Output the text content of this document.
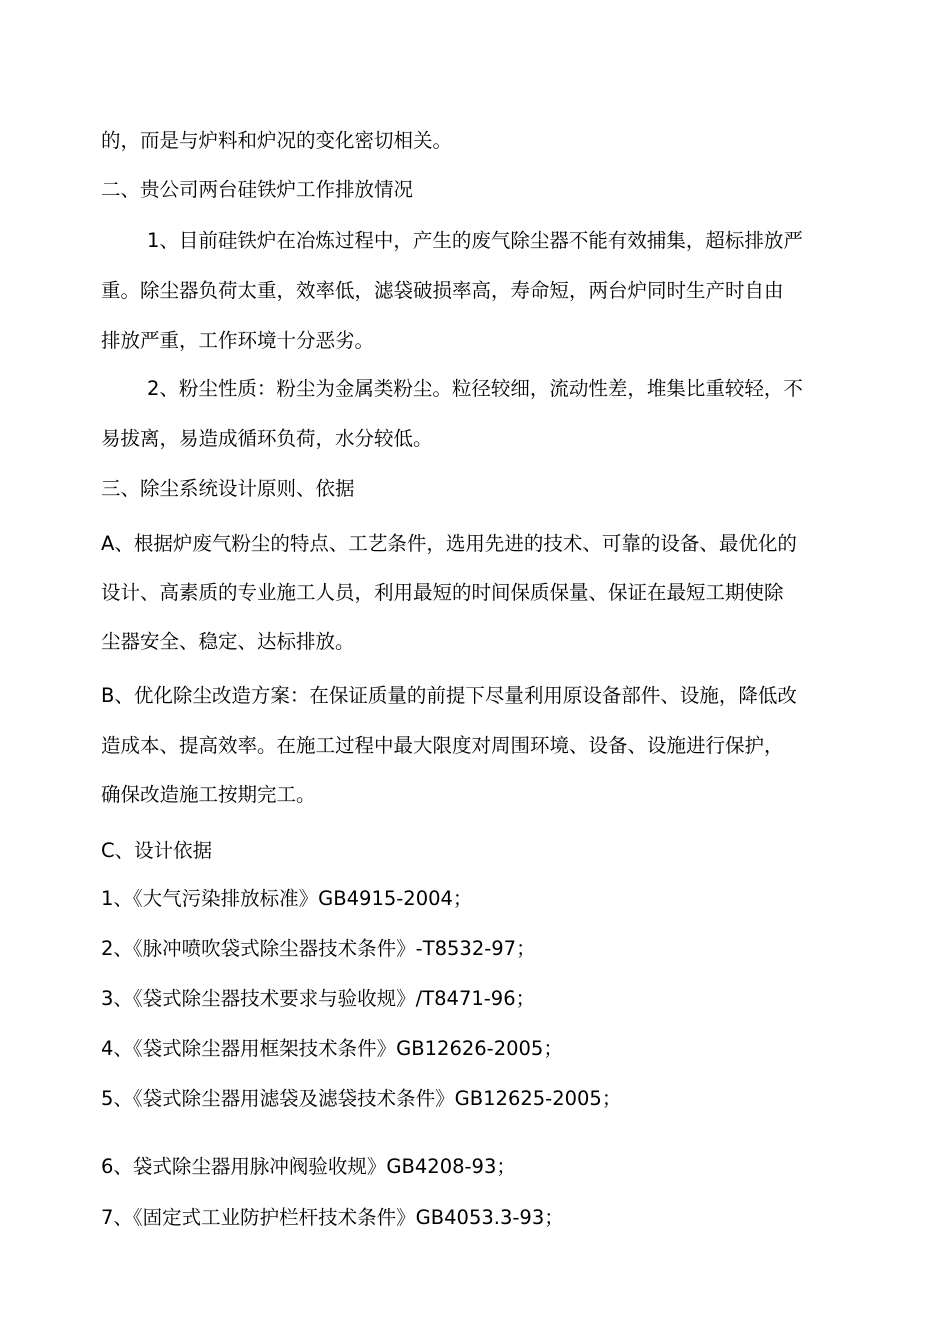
的，而是与炉料和炉况的变化密切相关。
二、贵公司两台硅铁炉工作排放情况
1、目前硅铁炉在冶炼过程中，产生的废气除尘器不能有效捕集，超标排放严
重。除尘器负荷太重，效率低，滤袋破损率高，寿命短，两台炉同时生产时自由
排放严重，工作环境十分恶劣。
2、粉尘性质：粉尘为金属类粉尘。粒径较细，流动性差，堆集比重较轻，不
易拔离，易造成循环负荷，水分较低。
三、除尘系统设计原则、依据
A、根据炉废气粉尘的特点、工艺条件，选用先进的技术、可靠的设备、最优化的
设计、高素质的专业施工人员，利用最短的时间保质保量、保证在最短工期使除
尘器安全、稳定、达标排放。
B、优化除尘改造方案：在保证质量的前提下尽量利用原设备部件、设施，降低改
造成本、提高效率。在施工过程中最大限度对周围环境、设备、设施进行保护，
确保改造施工按期完工。
C、设计依据
1、《大气污染排放标准》GB4915-2004；
2、《脉冲喷吹袋式除尘器技术条件》-T8532-97；
3、《袋式除尘器技术要求与验收规》/T8471-96；
4、《袋式除尘器用框架技术条件》GB12626-2005；
5、《袋式除尘器用滤袋及滤袋技术条件》GB12625-2005；
6、袋式除尘器用脉冲阀验收规》GB4208-93；
7、《固定式工业防护栏杆技术条件》GB4053.3-93；
